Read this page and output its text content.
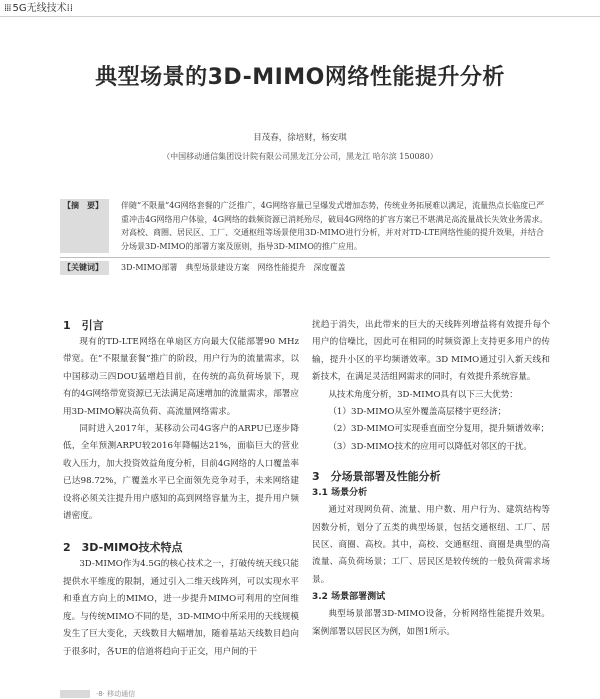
⁞⁞⁞ 5G无线技术⁞⁞
典型场景的3D-MIMO网络性能提升分析
目茂春，徐培财，杨安琪
（中国移动通信集团设计院有限公司黑龙江分公司，黑龙江 哈尔滨 150080）
【摘　要】	伴随“不限量”4G网络套餐的广泛推广，4G网络容量已呈爆发式增加态势，传统业务拓展难以满足，流量热点长临度已严重冲击4G网络用户体验，4G网络的载频资源已消耗殆尽，破局4G网络的扩容方案已不堪满足高流量战长失效业务需求。对高校、商圈、居民区、工厂、交通枢纽等场景使用3D-MIMO进行分析，并对对TD-LTE网络性能的提升效果，并结合分场景3D-MIMO的部署方案及原则，指导3D-MIMO的推广应用。
【关键词】	3D-MIMO部署　典型场景建设方案　网络性能提升　深度覆盖
1　引言

现有的TD-LTE网络在单扇区方向最大仅能部署90 MHz带宽。在“不限量套餐”推广的阶段，用户行为的流量需求，以中国移动三四DOU猛增趋目前，在传统的高负荷场景下，现有的4G网络带宽资源已无法满足高速增加的流量需求，部署应用3D-MIMO解决高负荷、高流量网络需求。

同时进入2017年，某移动公司4G客户的ARPU已逐步降低，全年预测ARPU较2016年降幅达21%，面临巨大的营业收入压力，加大投资效益角度分析，目前4G网络的人口覆盖率已达98.72%，广覆盖水平已全面领先竞争对手，未来网络建设将必须关注提升用户感知的高到网络容量为主，提升用户频谱密度。

2　3D-MIMO技术特点

3D-MIMO作为4.5G的核心技术之一，打破传统天线只能提供水平维度的限制，通过引入二维天线阵列，可以实现水平和垂直方向上的MIMO，进一步提升MIMO可利用的空间维度。与传统MIMO不同的是，3D-MIMO中所采用的天线规模发生了巨大变化，天线数目大幅增加，随着基站天线数目趋向于很多时，各UE的信道将趋向于正交，用户间的干

扰趋于消失，出此带来的巨大的天线阵列增益将有效提升每个用户的信噪比，因此可在相同的时频资源上支持更多用户的传输，提升小区的平均频谱效率。3D MIMO通过引入新天线和新技术，在满足灵活组网需求的同时，有效提升系统容量。

从技术角度分析，3D-MIMO具有以下三大优势：

（1）3D-MIMO从室外覆盖高层楼宇更经济；

（2）3D-MIMO可实现垂直面空分复用，提升频谱效率；

（3）3D-MIMO技术的应用可以降低对邻区的干扰。

3　分场景部署及性能分析
3.1 场景分析

通过对现网负荷、流量、用户数、用户行为、建筑结构等因数分析，划分了五类的典型场景，包括交通枢纽、工厂、居民区、商圈、高校。其中，高校、交通枢纽、商圈是典型的高流量、高负荷场景；工厂、居民区是较传统的一般负荷需求场景。

3.2 场景部署测试

典型场景部署3D-MIMO设备，分析网络性能提升效果。案例部署以居民区为例，如图1所示。

·8· 移动通信
